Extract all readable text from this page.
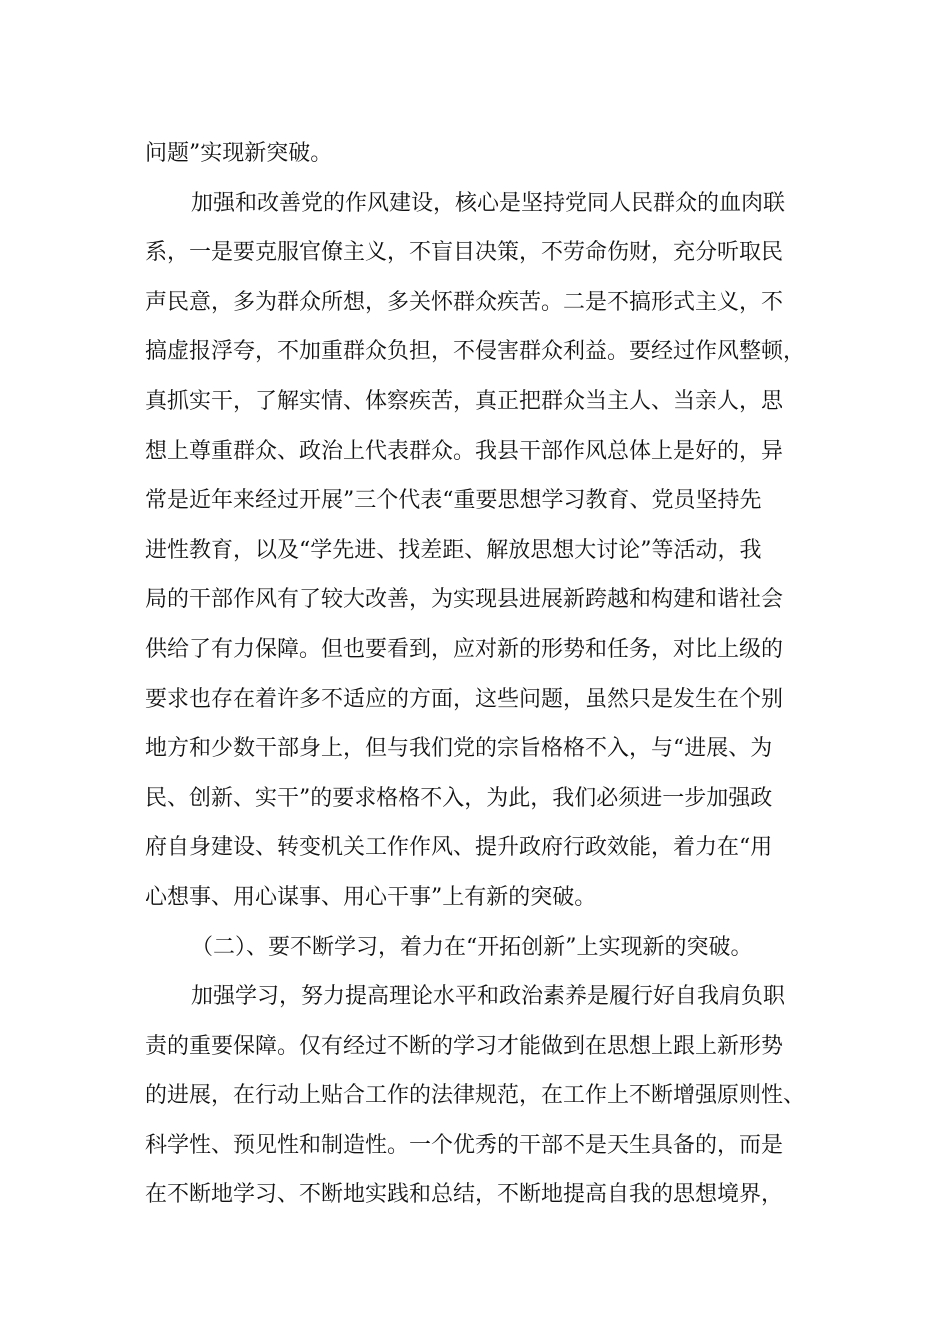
问题”实现新突破。

加强和改善党的作风建设，核心是坚持党同人民群众的血肉联

系，一是要克服官僚主义，不盲目决策，不劳命伤财，充分听取民

声民意，多为群众所想，多关怀群众疾苦。二是不搞形式主义，不

搞虚报浮夸，不加重群众负担，不侵害群众利益。要经过作风整顿，

真抓实干，了解实情、体察疾苦，真正把群众当主人、当亲人，思

想上尊重群众、政治上代表群众。我县干部作风总体上是好的，异

常是近年来经过开展”三个代表“重要思想学习教育、党员坚持先

进性教育，以及“学先进、找差距、解放思想大讨论”等活动，我

局的干部作风有了较大改善，为实现县进展新跨越和构建和谐社会

供给了有力保障。但也要看到，应对新的形势和任务，对比上级的

要求也存在着许多不适应的方面，这些问题，虽然只是发生在个别

地方和少数干部身上，但与我们党的宗旨格格不入，与“进展、为

民、创新、实干”的要求格格不入，为此，我们必须进一步加强政

府自身建设、转变机关工作作风、提升政府行政效能，着力在“用

心想事、用心谋事、用心干事”上有新的突破。

（二）、要不断学习，着力在“开拓创新”上实现新的突破。

加强学习，努力提高理论水平和政治素养是履行好自我肩负职

责的重要保障。仅有经过不断的学习才能做到在思想上跟上新形势

的进展，在行动上贴合工作的法律规范，在工作上不断增强原则性、

科学性、预见性和制造性。一个优秀的干部不是天生具备的，而是

在不断地学习、不断地实践和总结，不断地提高自我的思想境界，
